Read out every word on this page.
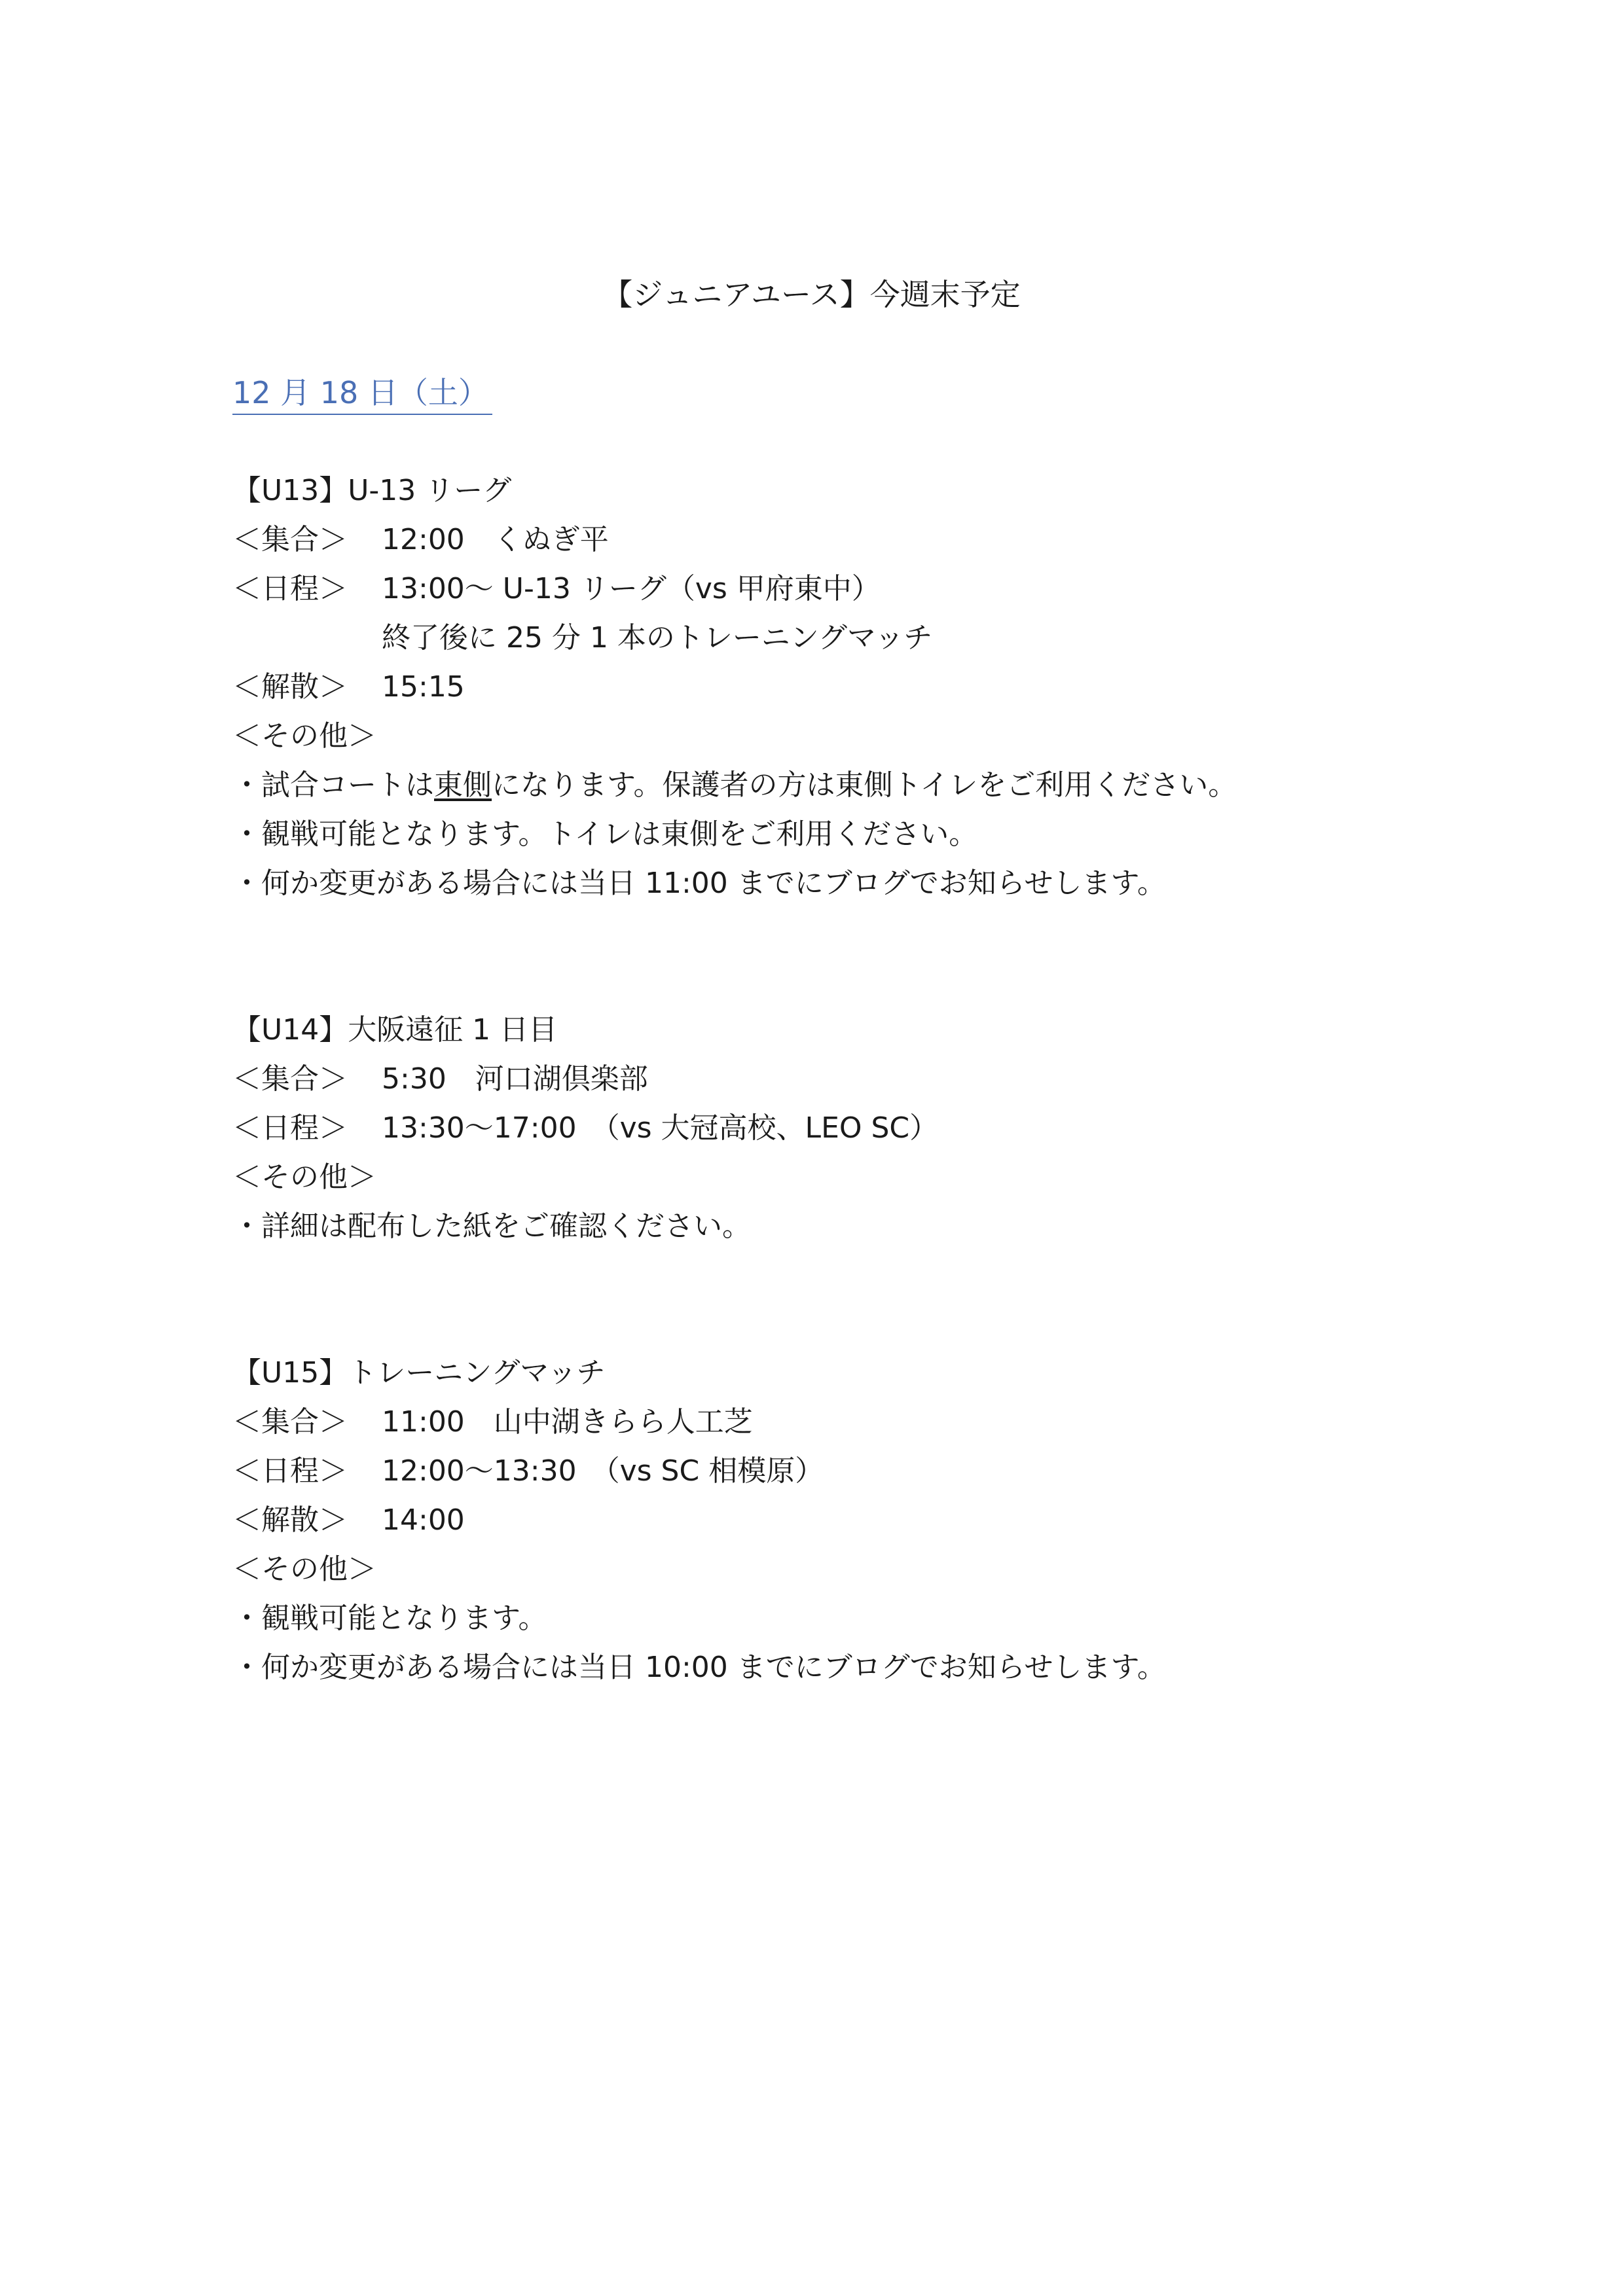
【ジュニアユース】今週末予定
12 月 18 日（土）
【U13】U-13 リーグ
＜集合＞	12:00　くぬぎ平
＜日程＞	13:00～ U-13 リーグ（vs 甲府東中）
終了後に 25 分 1 本のトレーニングマッチ
＜解散＞	15:15
＜その他＞
・試合コートは東側になります。保護者の方は東側トイレをご利用ください。
・観戦可能となります。トイレは東側をご利用ください。
・何か変更がある場合には当日 11:00 までにブログでお知らせします。
【U14】大阪遠征 1 日目
＜集合＞	5:30　河口湖倶楽部
＜日程＞	13:30～17:00　（vs 大冠高校、LEO SC）
＜その他＞
・詳細は配布した紙をご確認ください。
【U15】トレーニングマッチ
＜集合＞	11:00　山中湖きらら人工芝
＜日程＞	12:00～13:30　（vs SC 相模原）
＜解散＞	14:00
＜その他＞
・観戦可能となります。
・何か変更がある場合には当日 10:00 までにブログでお知らせします。
